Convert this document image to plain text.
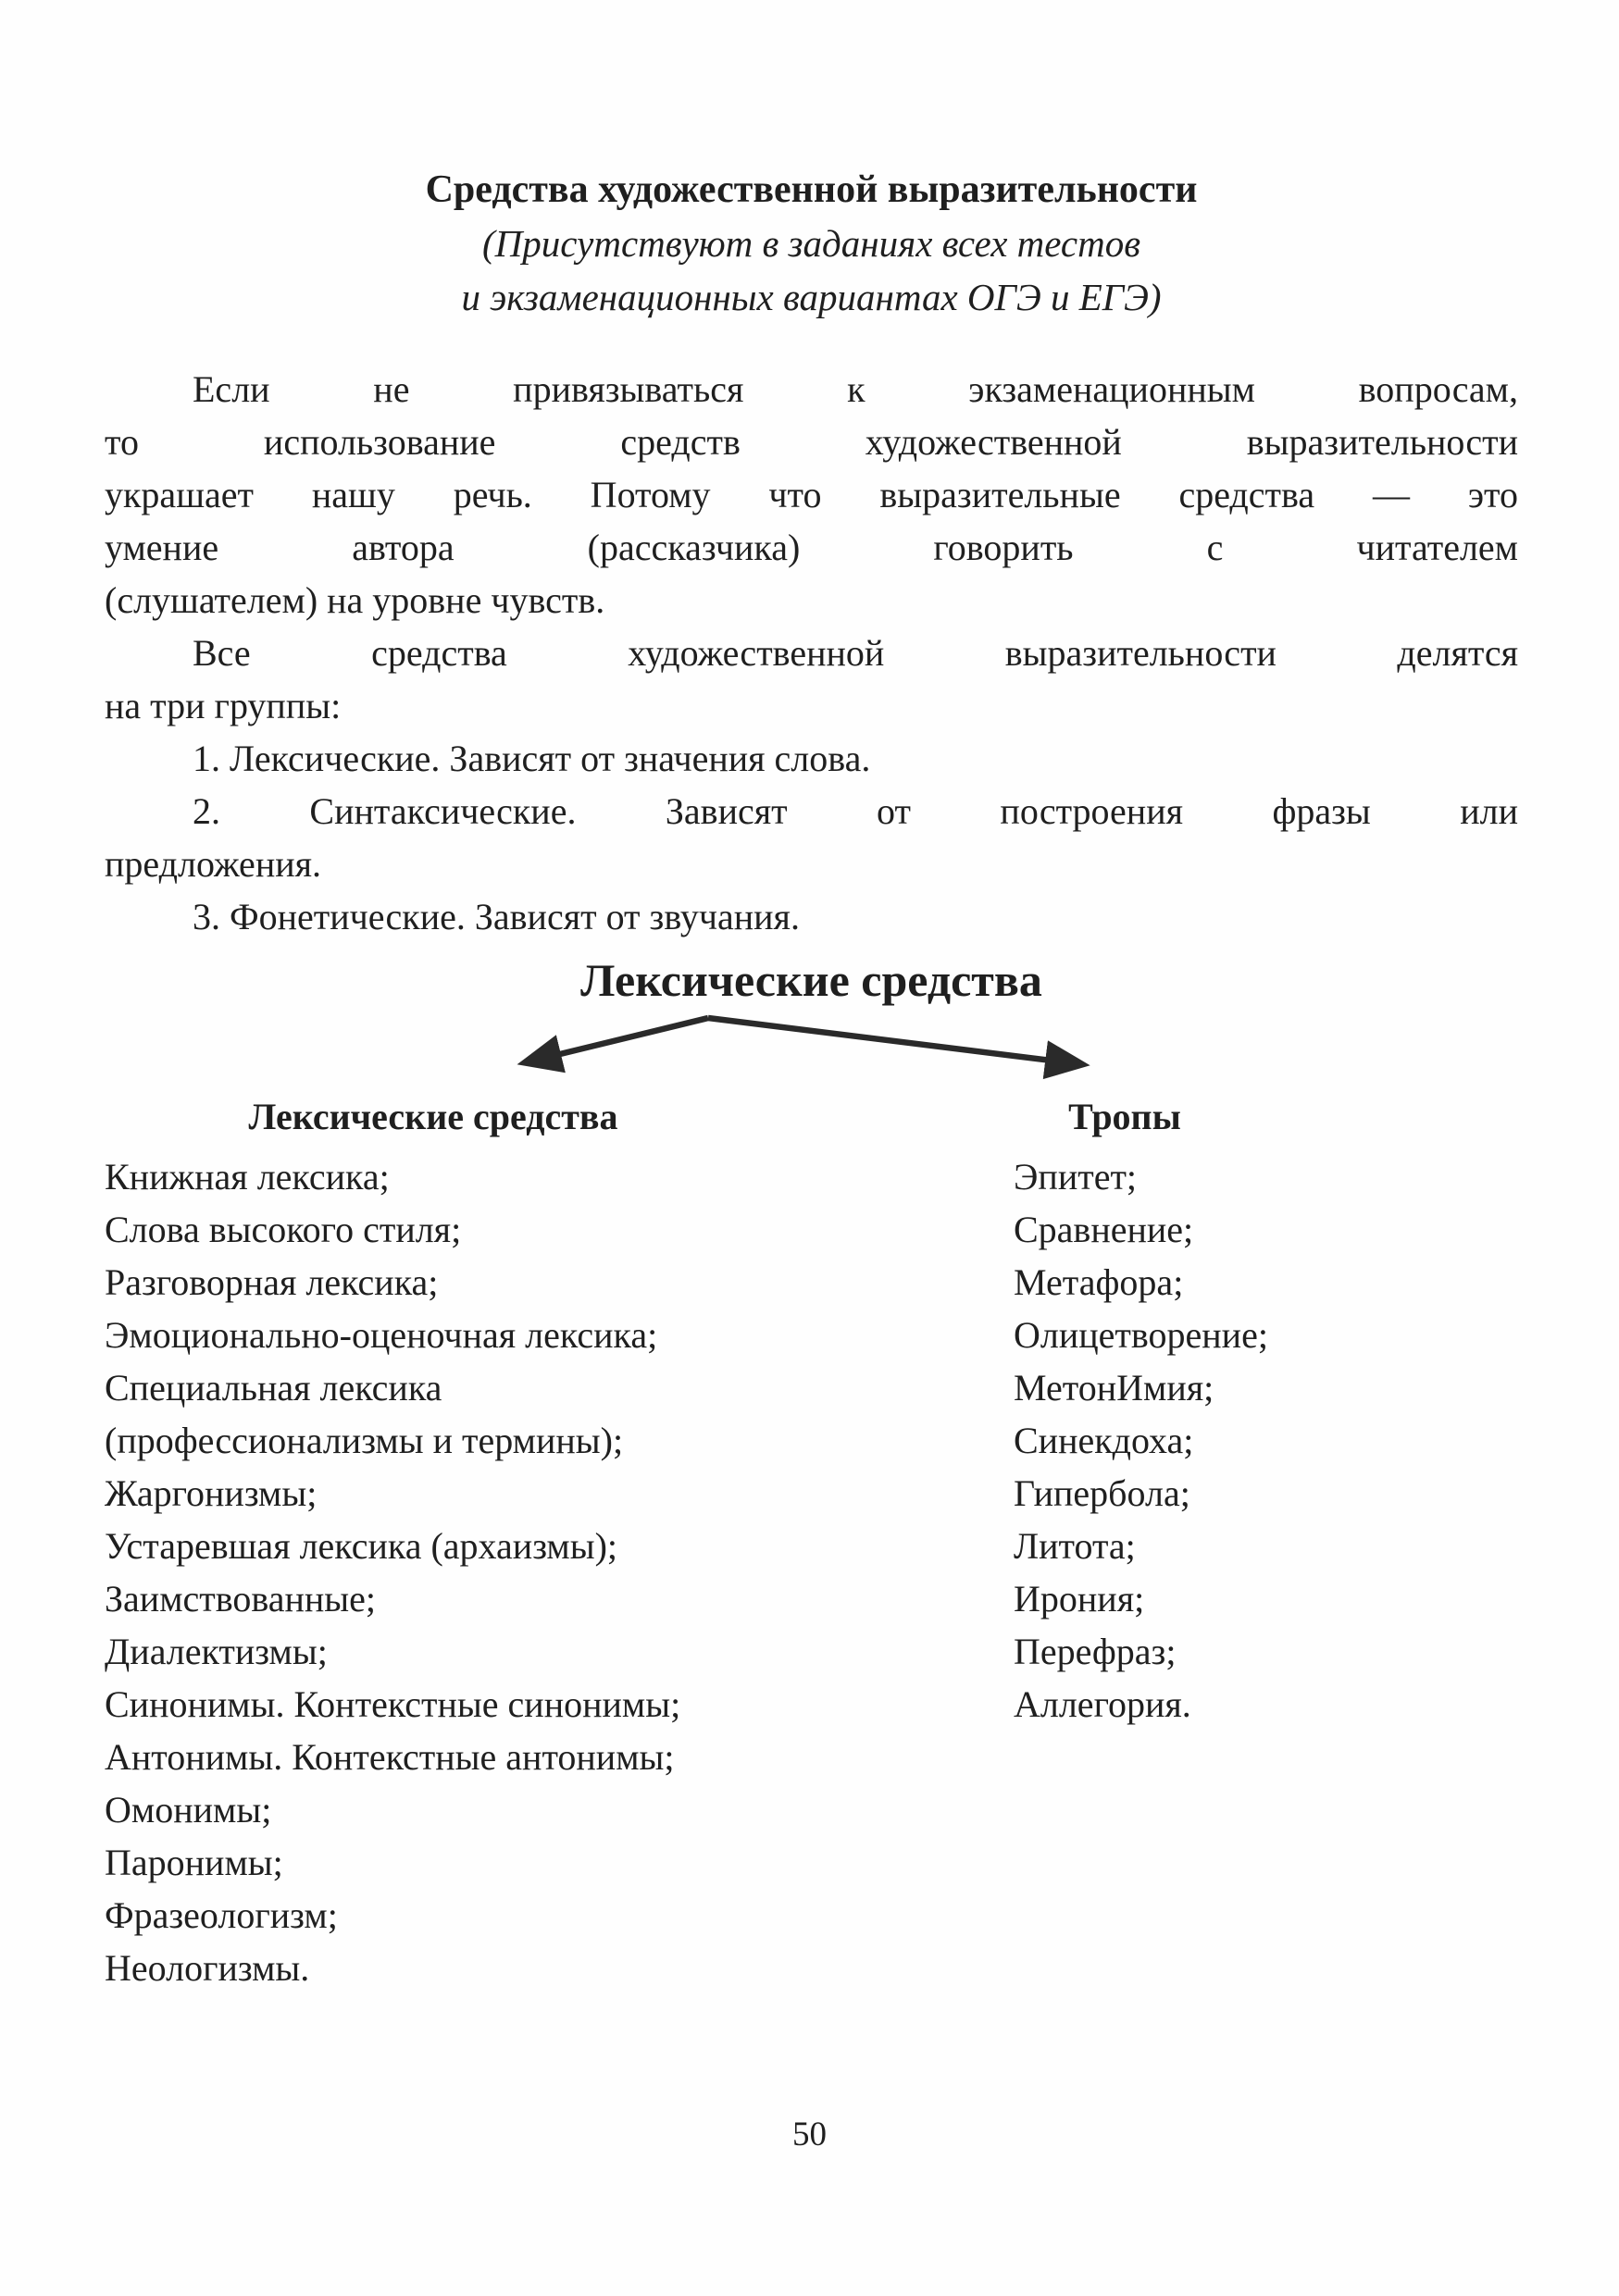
Средства художественной выразительности
(Присутствуют в заданиях всех тестов
и экзаменационных вариантах ОГЭ и ЕГЭ)
Если не привязываться к экзаменационным вопросам,
то использование средств художественной выразительности
украшает нашу речь. Потому что выразительные средства — это
умение автора (рассказчика) говорить с читателем
(слушателем) на уровне чувств.
Все средства художественной выразительности делятся
на три группы:
1. Лексические. Зависят от значения слова.
2. Синтаксические. Зависят от построения фразы или
предложения.
3. Фонетические. Зависят от звучания.
Лексические средства
Лексические средства	Тропы
Книжная лексика;
Слова высокого стиля;
Разговорная лексика;
Эмоционально-оценочная лексика;
Специальная лексика
(профессионализмы и термины);
Жаргонизмы;
Устаревшая лексика (архаизмы);
Заимствованные;
Диалектизмы;
Синонимы. Контекстные синонимы;
Антонимы. Контекстные антонимы;
Омонимы;
Паронимы;
Фразеологизм;
Неологизмы.
Эпитет;
Сравнение;
Метафора;
Олицетворение;
МетонИмия;
Синекдоха;
Гипербола;
Литота;
Ирония;
Перефраз;
Аллегория.
50
